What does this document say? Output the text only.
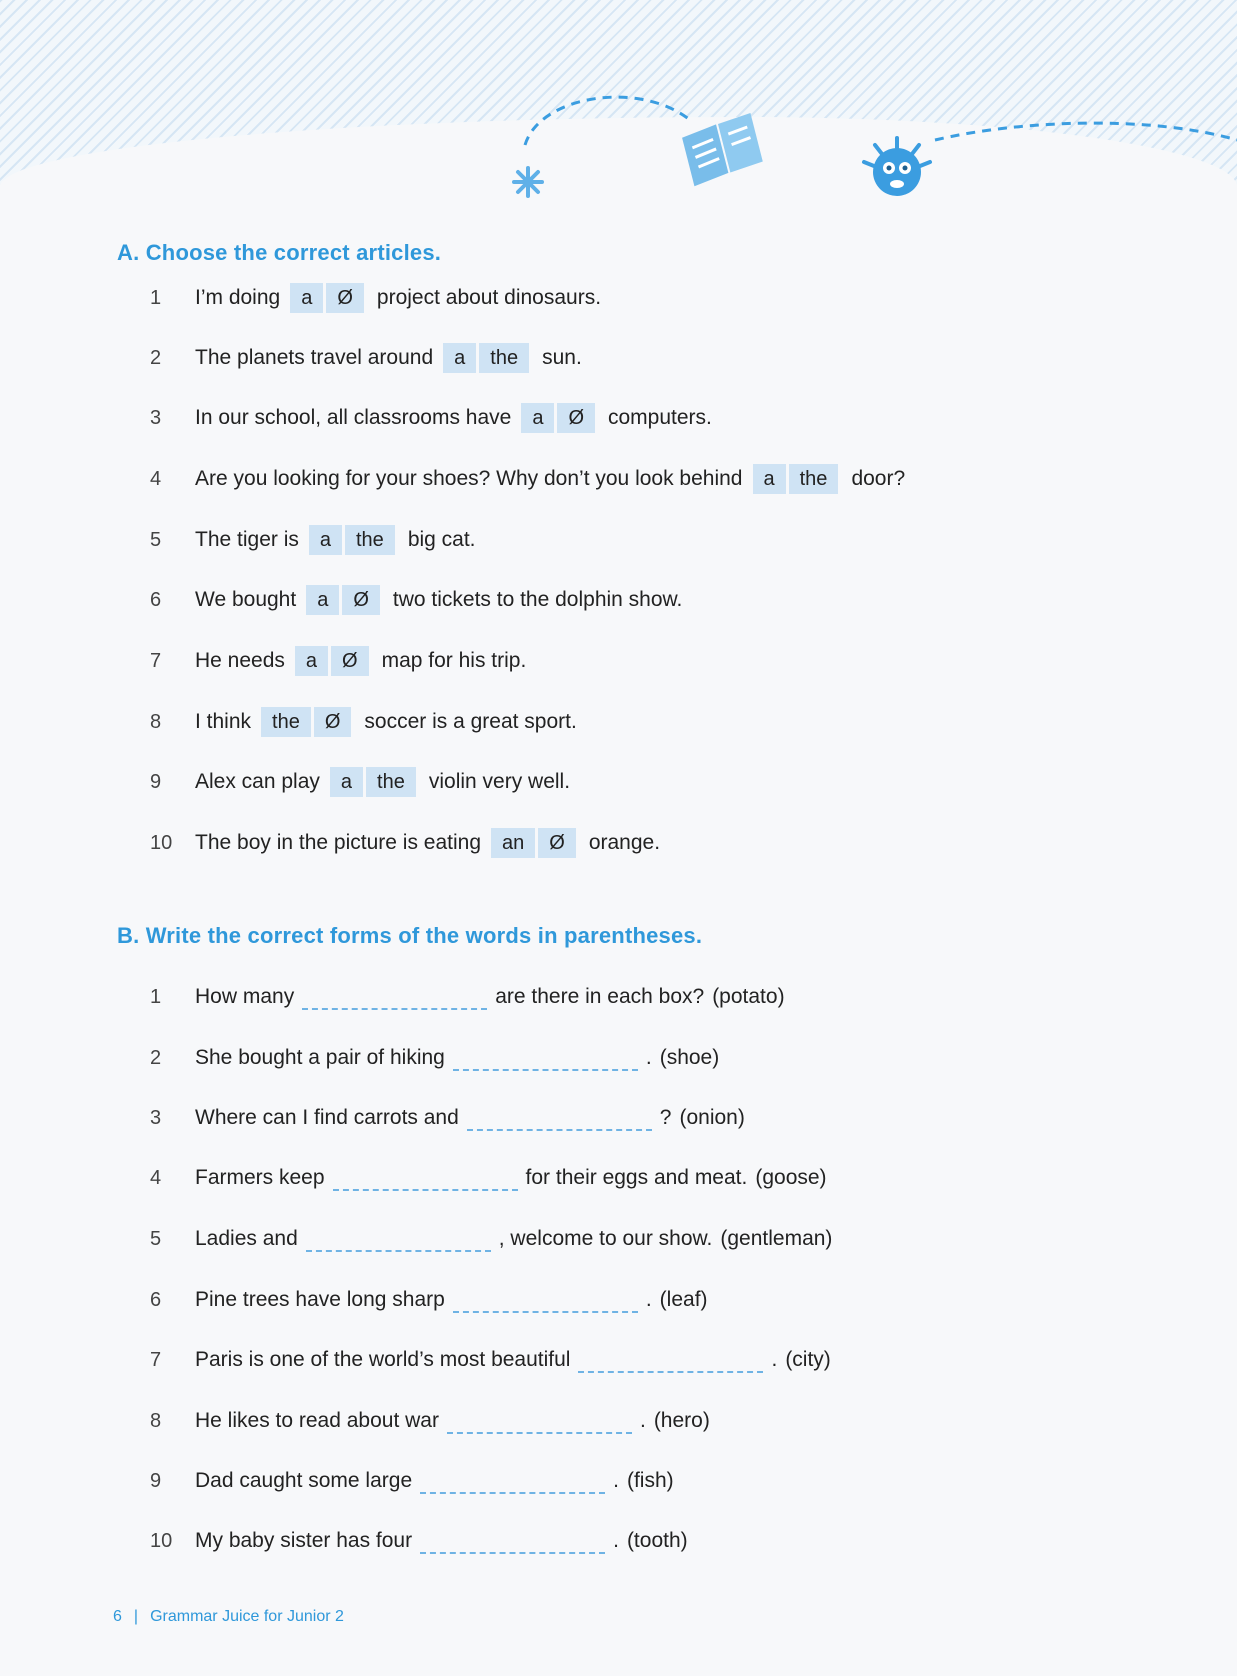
A. Choose the correct articles.
1	I’m doing	a	Ø	project about dinosaurs.
2	The planets travel around	a	the	sun.
3	In our school, all classrooms have	a	Ø	computers.
4	Are you looking for your shoes? Why don’t you look behind	a	the	door?
5	The tiger is	a	the	big cat.
6	We bought	a	Ø	two tickets to the dolphin show.
7	He needs	a	Ø	map for his trip.
8	I think	the	Ø	soccer is a great sport.
9	Alex can play	a	the	violin very well.
10	The boy in the picture is eating	an	Ø	orange.
B. Write the correct forms of the words in parentheses.
1	How many	are there in each box? (potato)
2	She bought a pair of hiking	. (shoe)
3	Where can I find carrots and	? (onion)
4	Farmers keep	for their eggs and meat. (goose)
5	Ladies and	, welcome to our show. (gentleman)
6	Pine trees have long sharp	. (leaf)
7	Paris is one of the world’s most beautiful	. (city)
8	He likes to read about war	. (hero)
9	Dad caught some large	. (fish)
10	My baby sister has four	. (tooth)
6 | Grammar Juice for Junior 2
